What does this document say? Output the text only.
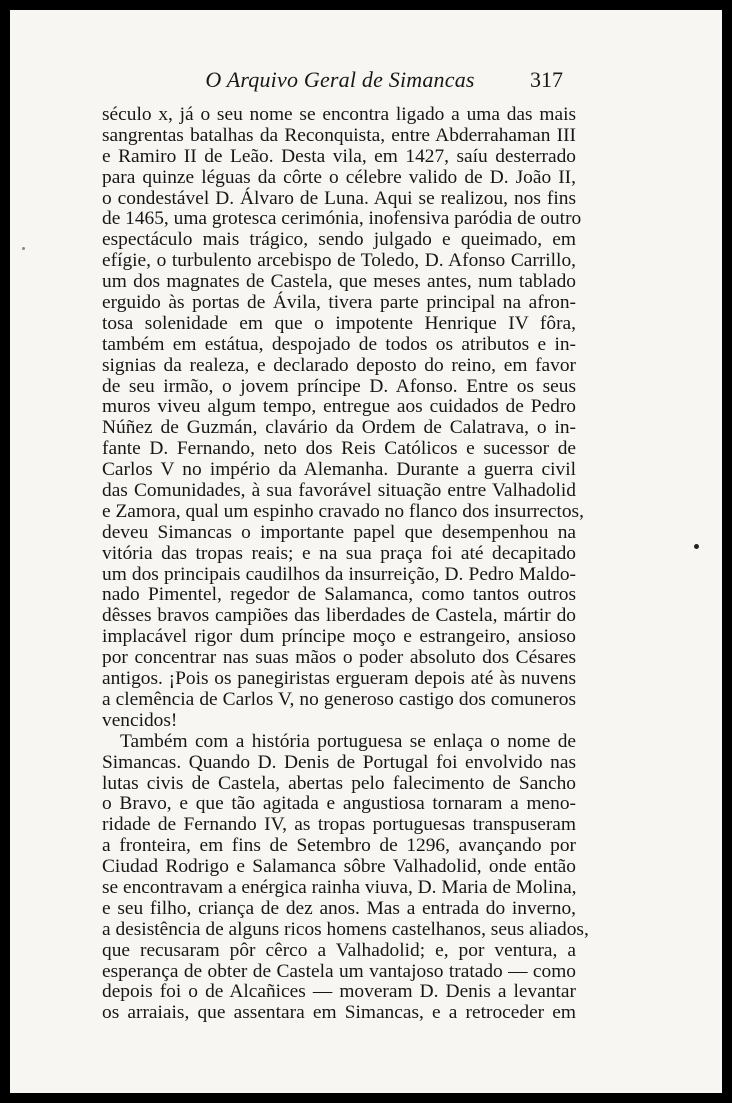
O Arquivo Geral de Simancas	317
século x, já o seu nome se encontra ligado a uma das mais
sangrentas batalhas da Reconquista, entre Abderrahaman III
e Ramiro II de Leão. Desta vila, em 1427, saíu desterrado
para quinze léguas da côrte o célebre valido de D. João II,
o condestável D. Álvaro de Luna. Aqui se realizou, nos fins
de 1465, uma grotesca cerimónia, inofensiva paródia de outro
espectáculo mais trágico, sendo julgado e queimado, em
efígie, o turbulento arcebispo de Toledo, D. Afonso Carrillo,
um dos magnates de Castela, que meses antes, num tablado
erguido às portas de Ávila, tivera parte principal na afron-
tosa solenidade em que o impotente Henrique IV fôra,
também em estátua, despojado de todos os atributos e in-
signias da realeza, e declarado deposto do reino, em favor
de seu irmão, o jovem príncipe D. Afonso. Entre os seus
muros viveu algum tempo, entregue aos cuidados de Pedro
Núñez de Guzmán, clavário da Ordem de Calatrava, o in-
fante D. Fernando, neto dos Reis Católicos e sucessor de
Carlos V no império da Alemanha. Durante a guerra civil
das Comunidades, à sua favorável situação entre Valhadolid
e Zamora, qual um espinho cravado no flanco dos insurrectos,
deveu Simancas o importante papel que desempenhou na
vitória das tropas reais; e na sua praça foi até decapitado
um dos principais caudilhos da insurreição, D. Pedro Maldo-
nado Pimentel, regedor de Salamanca, como tantos outros
dêsses bravos campiões das liberdades de Castela, mártir do
implacável rigor dum príncipe moço e estrangeiro, ansioso
por concentrar nas suas mãos o poder absoluto dos Césares
antigos. ¡Pois os panegiristas ergueram depois até às nuvens
a clemência de Carlos V, no generoso castigo dos comuneros
vencidos!
Também com a história portuguesa se enlaça o nome de
Simancas. Quando D. Denis de Portugal foi envolvido nas
lutas civis de Castela, abertas pelo falecimento de Sancho
o Bravo, e que tão agitada e angustiosa tornaram a meno-
ridade de Fernando IV, as tropas portuguesas transpuseram
a fronteira, em fins de Setembro de 1296, avançando por
Ciudad Rodrigo e Salamanca sôbre Valhadolid, onde então
se encontravam a enérgica rainha viuva, D. Maria de Molina,
e seu filho, criança de dez anos. Mas a entrada do inverno,
a desistência de alguns ricos homens castelhanos, seus aliados,
que recusaram pôr cêrco a Valhadolid; e, por ventura, a
esperança de obter de Castela um vantajoso tratado — como
depois foi o de Alcañices — moveram D. Denis a levantar
os arraiais, que assentara em Simancas, e a retroceder em
